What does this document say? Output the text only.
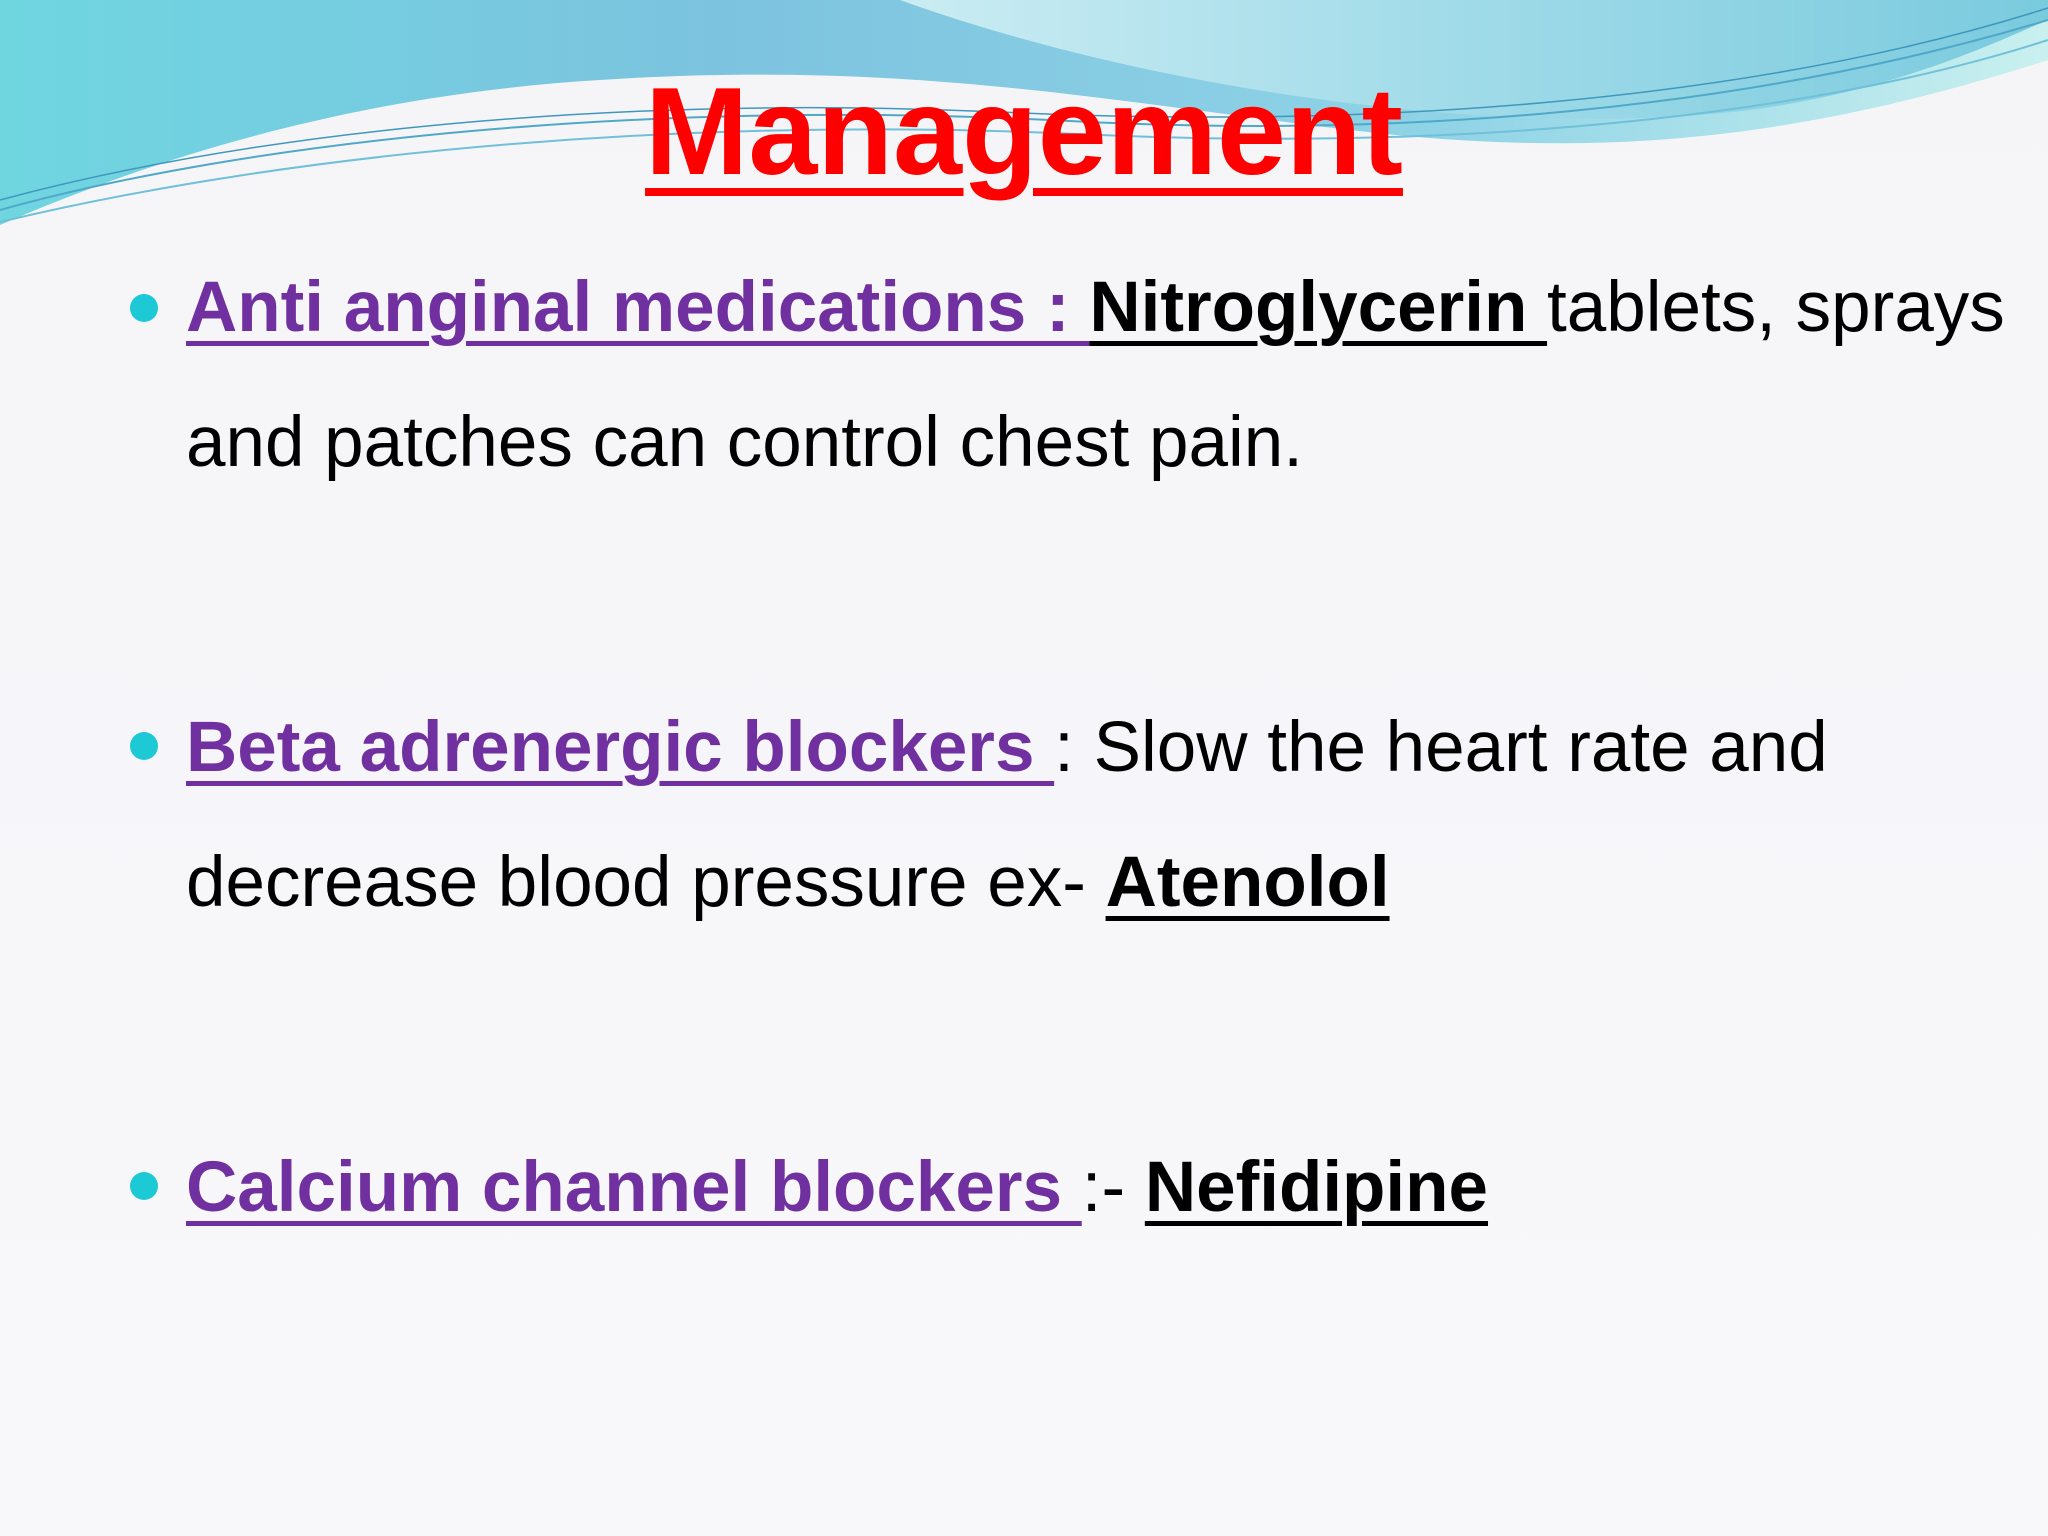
Management

Anti anginal medications : Nitroglycerin tablets, sprays and patches can control chest pain.

Beta adrenergic blockers : Slow the heart rate and decrease blood pressure ex- Atenolol

Calcium channel blockers :- Nefidipine
